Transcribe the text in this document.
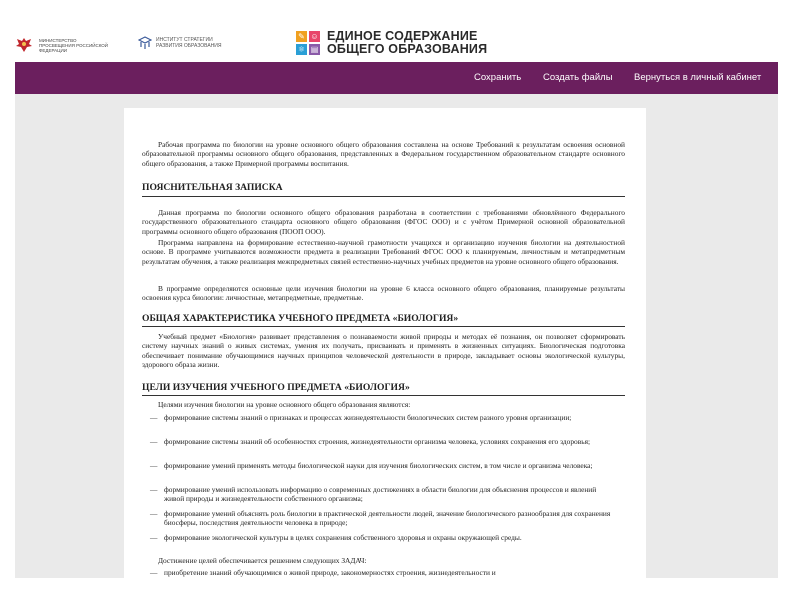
МИНИСТЕРСТВО ПРОСВЕЩЕНИЯ РОССИЙСКОЙ ФЕДЕРАЦИИ
ИНСТИТУТ СТРАТЕГИИ РАЗВИТИЯ ОБРАЗОВАНИЯ
✎ ☺
⚛ ▤
ЕДИНОЕ СОДЕРЖАНИЕ
ОБЩЕГО ОБРАЗОВАНИЯ
Сохранить Создать файлы Вернуться в личный кабинет

Рабочая программа по биологии на уровне основного общего образования составлена на основе Требований к результатам освоения основной образовательной программы основного общего образования, представленных в Федеральном государственном образовательном стандарте основного общего образования, а также Примерной программы воспитания.

ПОЯСНИТЕЛЬНАЯ ЗАПИСКА

Данная программа по биологии основного общего образования разработана в соответствии с требованиями обновлённого Федерального государственного образовательного стандарта основного общего образования (ФГОС ООО) и с учётом Примерной основной образовательной программы основного общего образования (ПООП ООО).

Программа направлена на формирование естественно-научной грамотности учащихся и организацию изучения биологии на деятельностной основе. В программе учитываются возможности предмета в реализации Требований ФГОС ООО к планируемым, личностным и метапредметным результатам обучения, а также реализация межпредметных связей естественно-научных учебных предметов на уровне основного общего образования.

В программе определяются основные цели изучения биологии на уровне 6 класса основного общего образования, планируемые результаты освоения курса биологии: личностные, метапредметные, предметные.

ОБЩАЯ ХАРАКТЕРИСТИКА УЧЕБНОГО ПРЕДМЕТА «БИОЛОГИЯ»

Учебный предмет «Биология» развивает представления о познаваемости живой природы и методах её познания, он позволяет сформировать систему научных знаний о живых системах, умения их получать, присваивать и применять в жизненных ситуациях. Биологическая подготовка обеспечивает понимание обучающимися научных принципов человеческой деятельности в природе, закладывает основы экологической культуры, здорового образа жизни.

ЦЕЛИ ИЗУЧЕНИЯ УЧЕБНОГО ПРЕДМЕТА «БИОЛОГИЯ»

Целями изучения биологии на уровне основного общего образования являются:

— формирование системы знаний о признаках и процессах жизнедеятельности биологических систем разного уровня организации;

— формирование системы знаний об особенностях строения, жизнедеятельности организма человека, условиях сохранения его здоровья;

— формирование умений применять методы биологической науки для изучения биологических систем, в том числе и организма человека;

— формирование умений использовать информацию о современных достижениях в области биологии для объяснения процессов и явлений живой природы и жизнедеятельности собственного организма;

— формирование умений объяснять роль биологии в практической деятельности людей, значение биологического разнообразия для сохранения биосферы, последствия деятельности человека в природе;

— формирование экологической культуры в целях сохранения собственного здоровья и охраны окружающей среды.

Достижение целей обеспечивается решением следующих ЗАДАЧ:

— приобретение знаний обучающимися о живой природе, закономерностях строения, жизнедеятельности и
